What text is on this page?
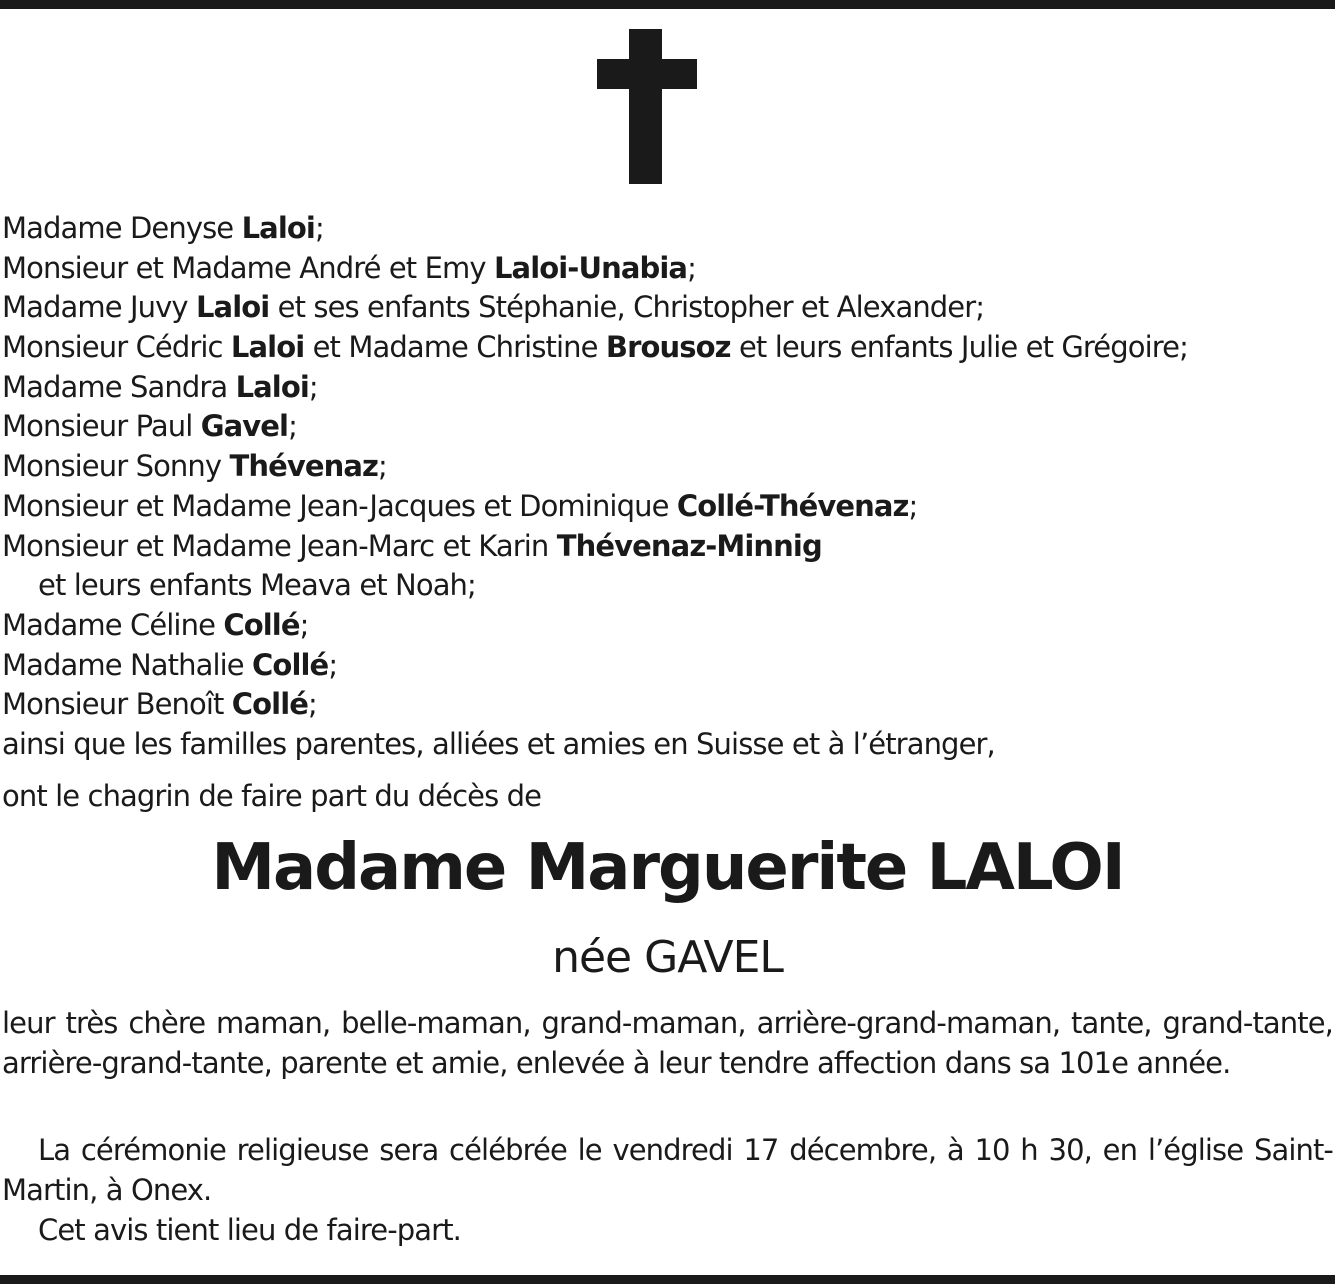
Madame Denyse Laloi;
Monsieur et Madame André et Emy Laloi-Unabia;
Madame Juvy Laloi et ses enfants Stéphanie, Christopher et Alexander;
Monsieur Cédric Laloi et Madame Christine Brousoz et leurs enfants Julie et Grégoire;
Madame Sandra Laloi;
Monsieur Paul Gavel;
Monsieur Sonny Thévenaz;
Monsieur et Madame Jean-Jacques et Dominique Collé-Thévenaz;
Monsieur et Madame Jean-Marc et Karin Thévenaz-Minnig
et leurs enfants Meava et Noah;
Madame Céline Collé;
Madame Nathalie Collé;
Monsieur Benoît Collé;
ainsi que les familles parentes, alliées et amies en Suisse et à l’étranger,
ont le chagrin de faire part du décès de
Madame Marguerite LALOI
née GAVEL
leur très chère maman, belle-maman, grand-maman, arrière-grand-maman, tante, grand-tante, arrière-grand-tante, parente et amie, enlevée à leur tendre affection dans sa 101e année.
La cérémonie religieuse sera célébrée le vendredi 17 décembre, à 10 h 30, en l’église Saint-Martin, à Onex.
Cet avis tient lieu de faire-part.
